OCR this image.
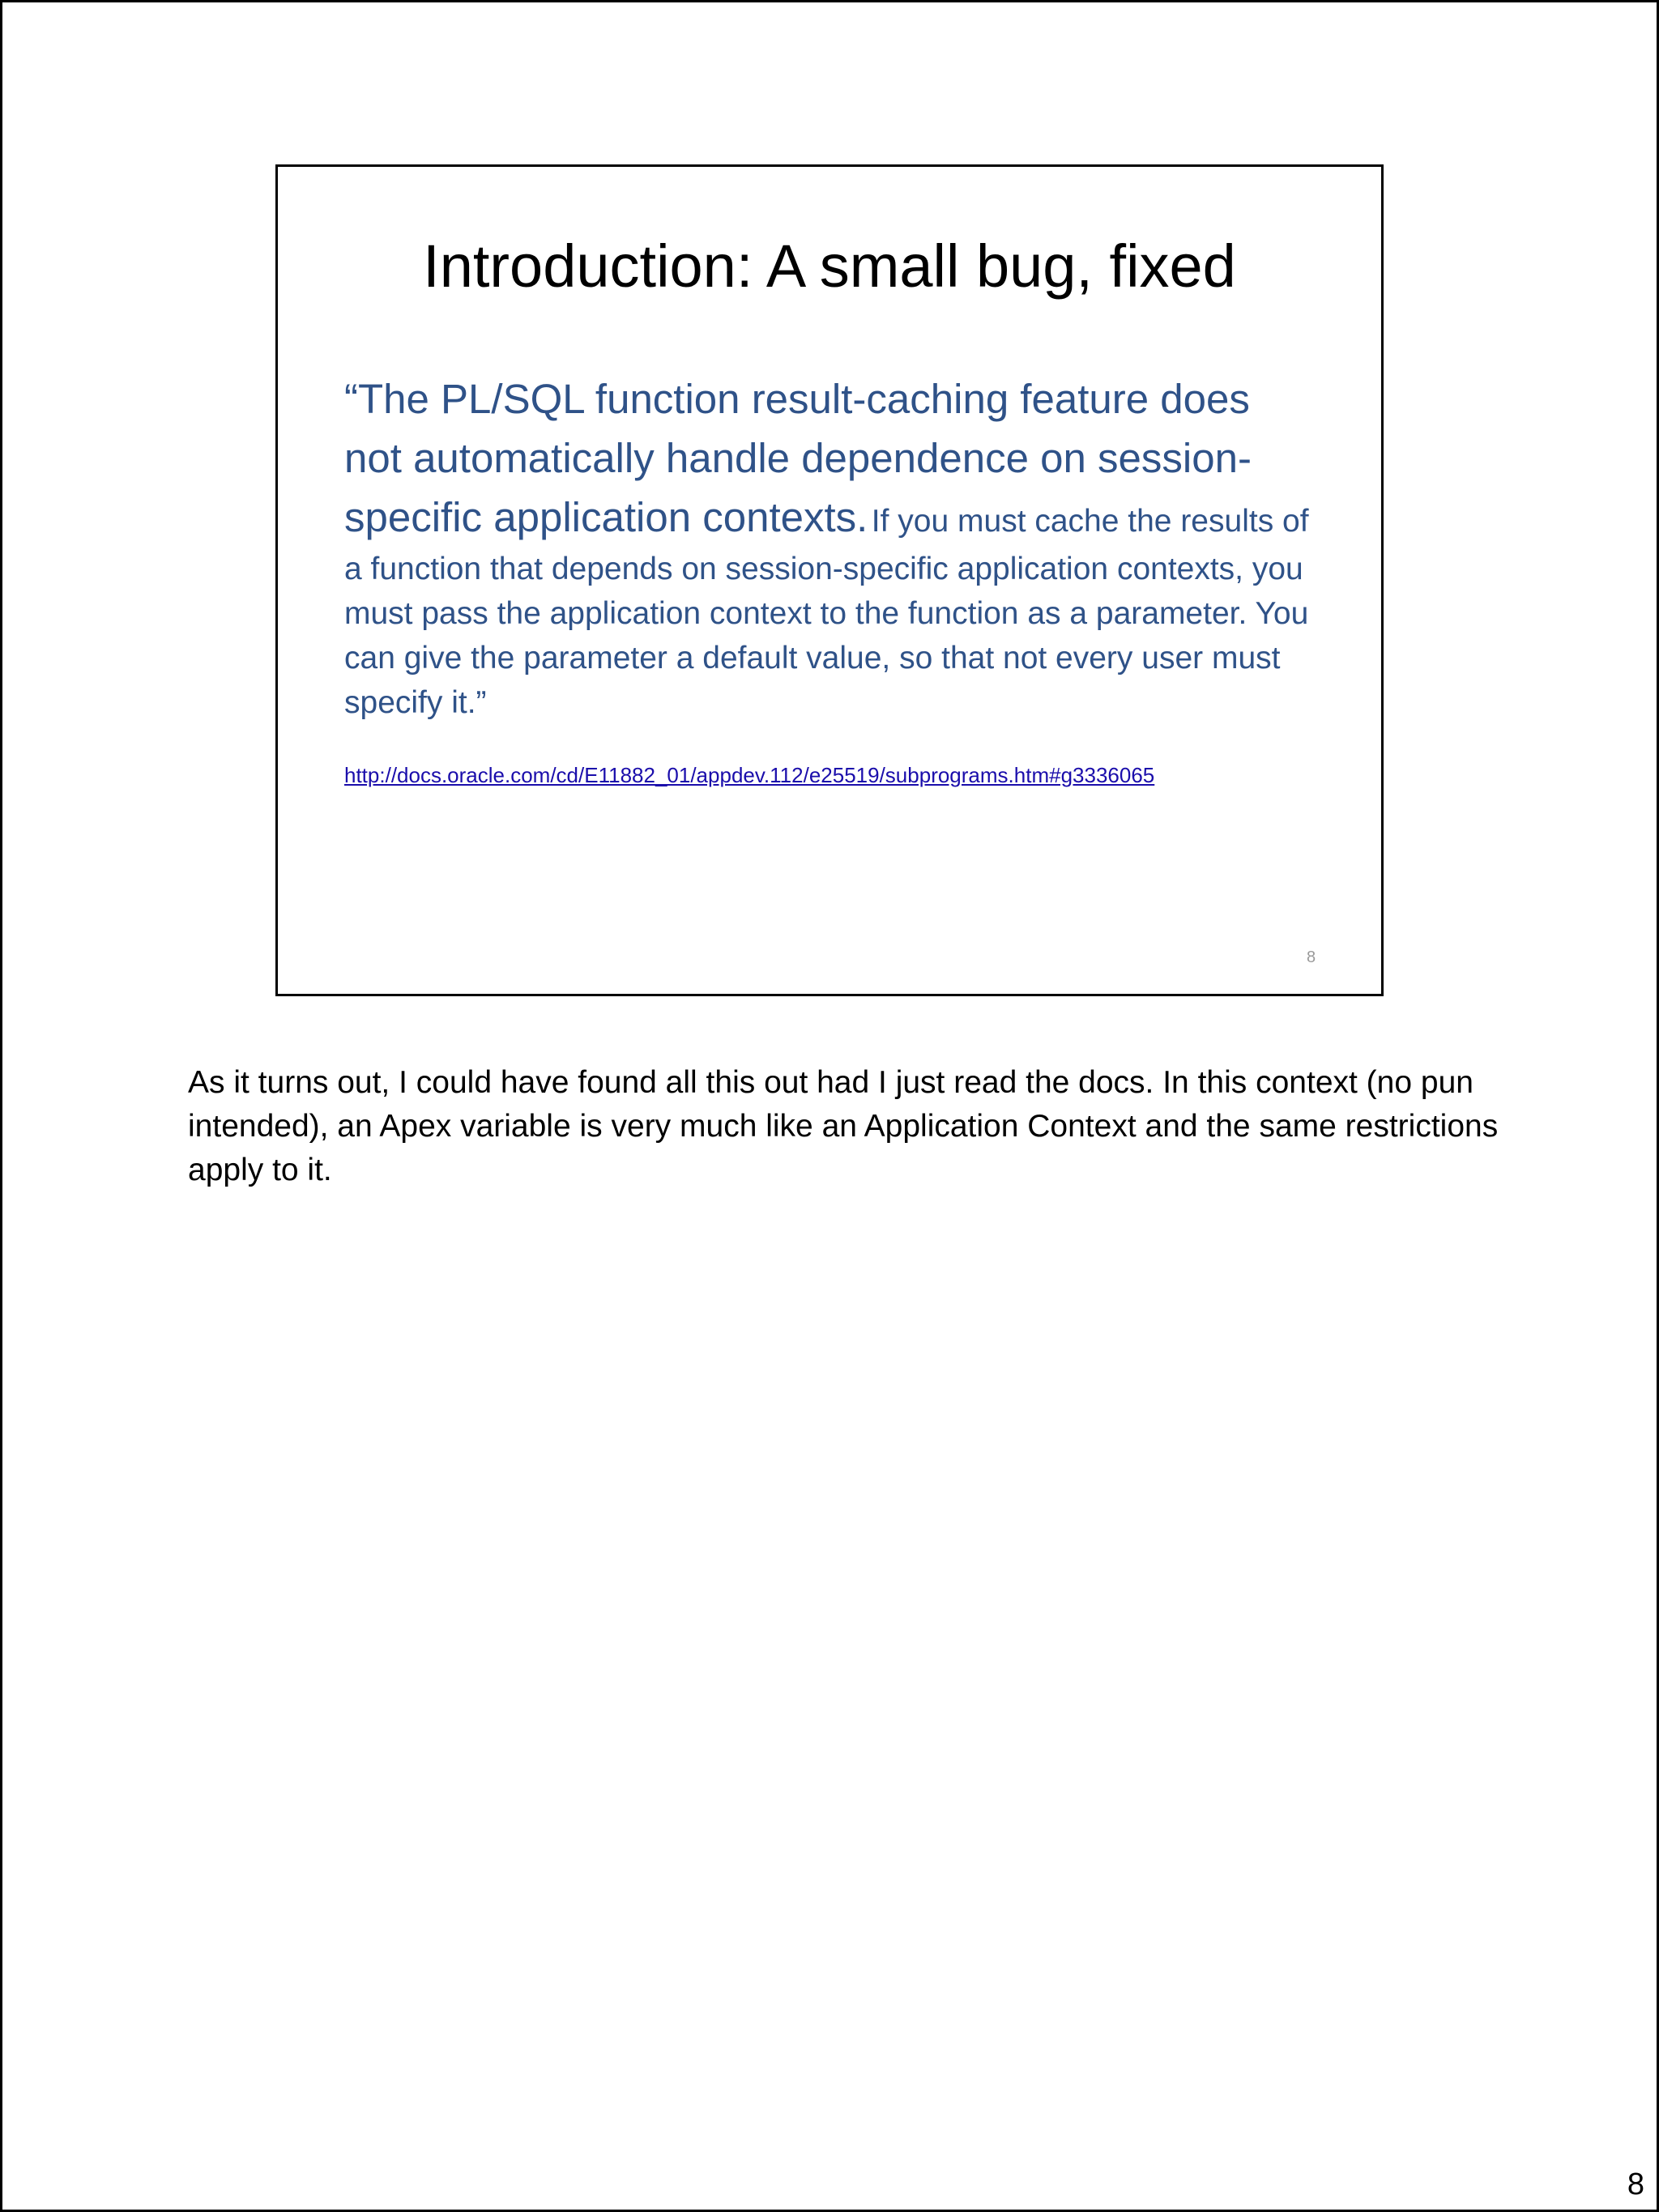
Introduction: A small bug, fixed
“The PL/SQL function result-caching feature does not automatically handle dependence on session-specific application contexts. If you must cache the results of a function that depends on session-specific application contexts, you must pass the application context to the function as a parameter. You can give the parameter a default value, so that not every user must specify it.”
http://docs.oracle.com/cd/E11882_01/appdev.112/e25519/subprograms.htm#g3336065
8
As it turns out, I could have found all this out had I just read the docs. In this context (no pun intended), an Apex variable is very much like an Application Context and the same restrictions apply to it.
8
